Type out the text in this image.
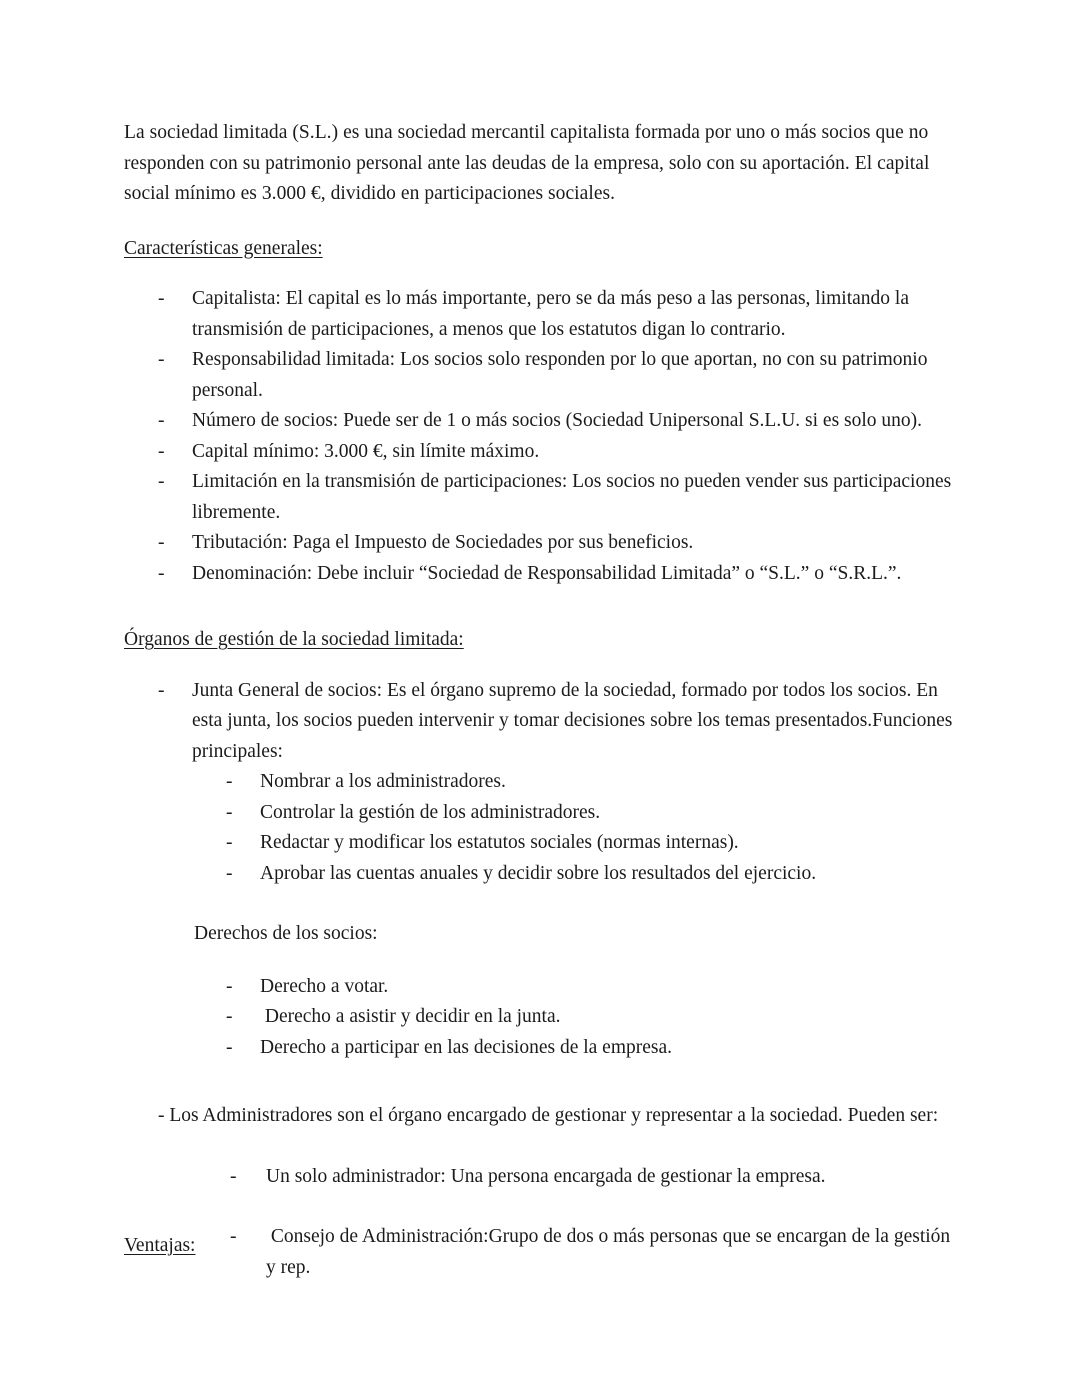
La sociedad limitada (S.L.) es una sociedad mercantil capitalista formada por uno o más socios que no responden con su patrimonio personal ante las deudas de la empresa, solo con su aportación. El capital social mínimo es 3.000 €, dividido en participaciones sociales.

Características generales:

- Capitalista: El capital es lo más importante, pero se da más peso a las personas, limitando la transmisión de participaciones, a menos que los estatutos digan lo contrario.
- Responsabilidad limitada: Los socios solo responden por lo que aportan, no con su patrimonio personal.
- Número de socios: Puede ser de 1 o más socios (Sociedad Unipersonal S.L.U. si es solo uno).
- Capital mínimo: 3.000 €, sin límite máximo.
- Limitación en la transmisión de participaciones: Los socios no pueden vender sus participaciones libremente.
- Tributación: Paga el Impuesto de Sociedades por sus beneficios.
- Denominación: Debe incluir “Sociedad de Responsabilidad Limitada” o “S.L.” o “S.R.L.”.

Órganos de gestión de la sociedad limitada:

- Junta General de socios: Es el órgano supremo de la sociedad, formado por todos los socios. En esta junta, los socios pueden intervenir y tomar decisiones sobre los temas presentados.Funciones principales:
- Nombrar a los administradores.
- Controlar la gestión de los administradores.
- Redactar y modificar los estatutos sociales (normas internas).
- Aprobar las cuentas anuales y decidir sobre los resultados del ejercicio.

Derechos de los socios:

- Derecho a votar.
- Derecho a asistir y decidir en la junta.
- Derecho a participar en las decisiones de la empresa.

- Los Administradores son el órgano encargado de gestionar y representar a la sociedad. Pueden ser:

- Un solo administrador: Una persona encargada de gestionar la empresa.
- Consejo de Administración:Grupo de dos o más personas que se encargan de la gestión y rep.

Ventajas:
